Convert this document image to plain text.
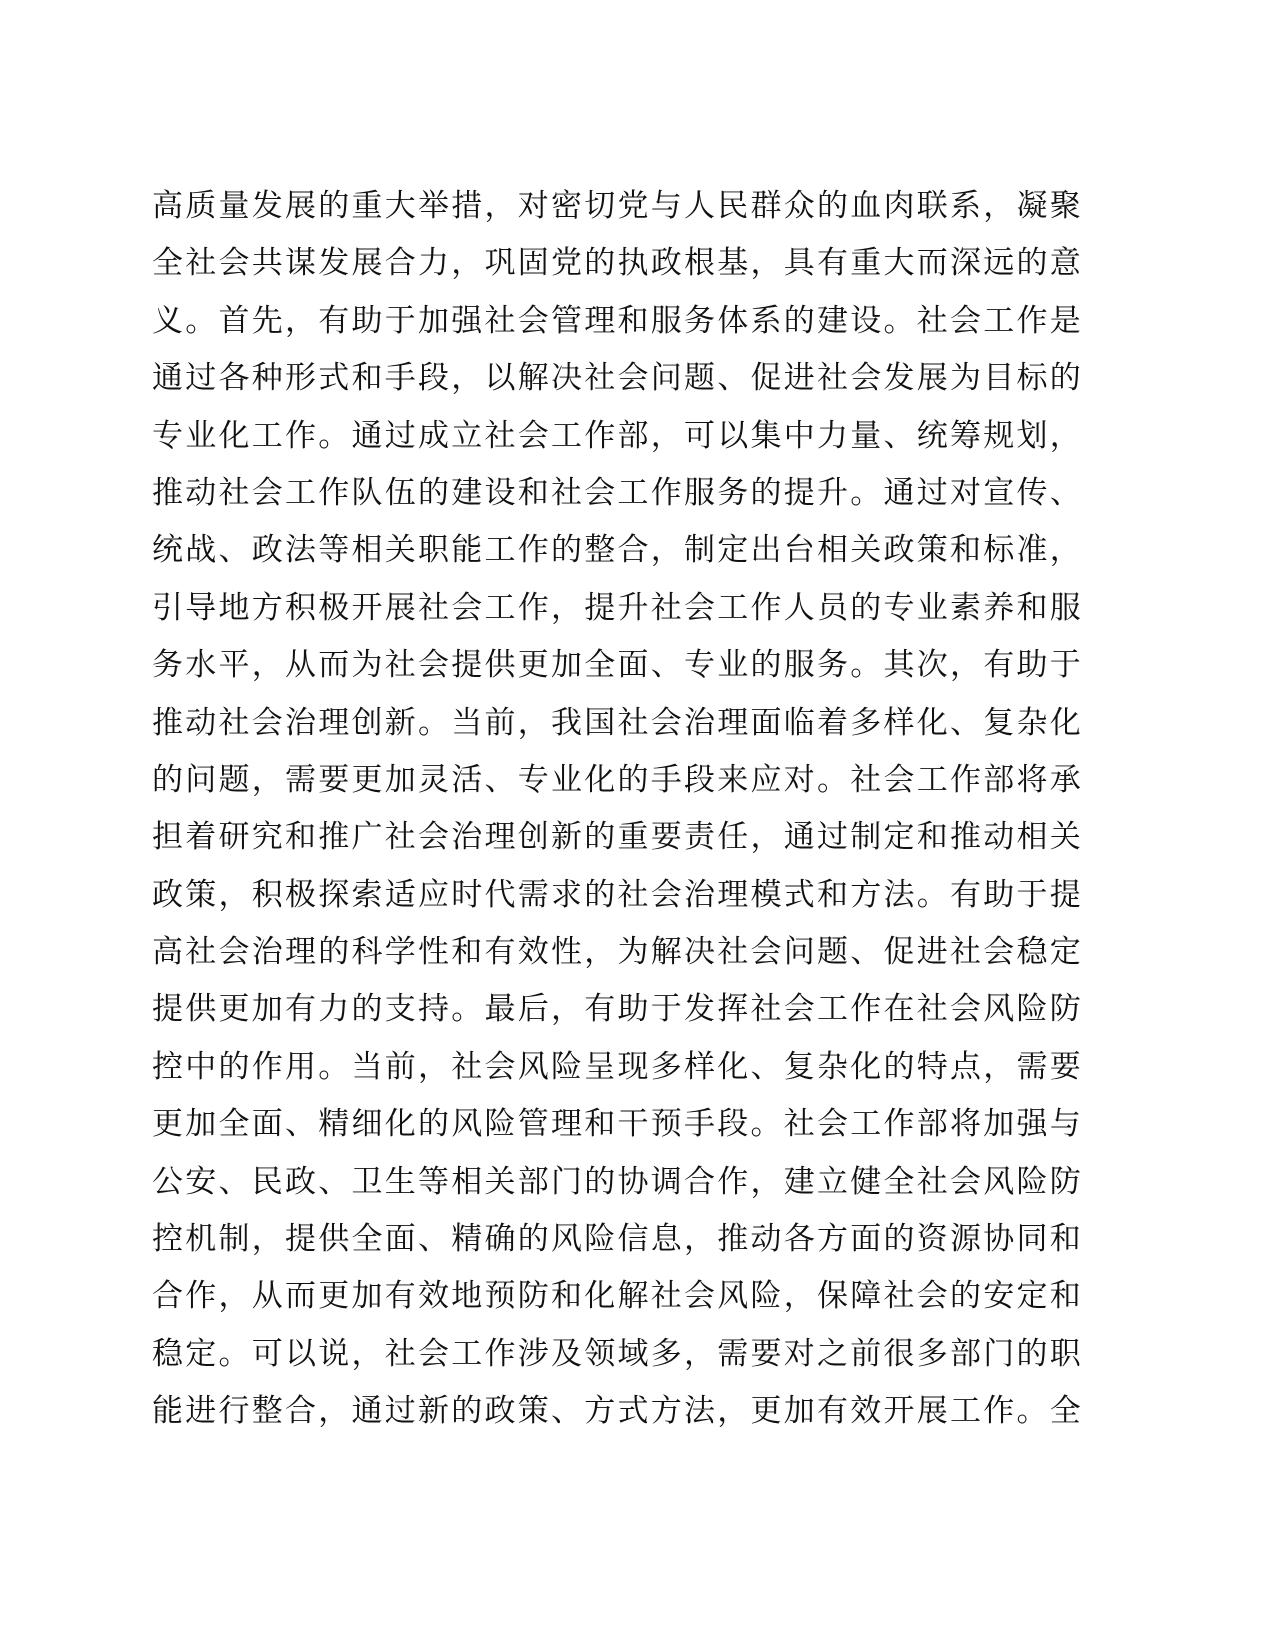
高质量发展的重大举措，对密切党与人民群众的血肉联系，凝聚
全社会共谋发展合力，巩固党的执政根基，具有重大而深远的意
义。首先，有助于加强社会管理和服务体系的建设。社会工作是
通过各种形式和手段，以解决社会问题、促进社会发展为目标的
专业化工作。通过成立社会工作部，可以集中力量、统筹规划，
推动社会工作队伍的建设和社会工作服务的提升。通过对宣传、
统战、政法等相关职能工作的整合，制定出台相关政策和标准，
引导地方积极开展社会工作，提升社会工作人员的专业素养和服
务水平，从而为社会提供更加全面、专业的服务。其次，有助于
推动社会治理创新。当前，我国社会治理面临着多样化、复杂化
的问题，需要更加灵活、专业化的手段来应对。社会工作部将承
担着研究和推广社会治理创新的重要责任，通过制定和推动相关
政策，积极探索适应时代需求的社会治理模式和方法。有助于提
高社会治理的科学性和有效性，为解决社会问题、促进社会稳定
提供更加有力的支持。最后，有助于发挥社会工作在社会风险防
控中的作用。当前，社会风险呈现多样化、复杂化的特点，需要
更加全面、精细化的风险管理和干预手段。社会工作部将加强与
公安、民政、卫生等相关部门的协调合作，建立健全社会风险防
控机制，提供全面、精确的风险信息，推动各方面的资源协同和
合作，从而更加有效地预防和化解社会风险，保障社会的安定和
稳定。可以说，社会工作涉及领域多，需要对之前很多部门的职
能进行整合，通过新的政策、方式方法，更加有效开展工作。全
